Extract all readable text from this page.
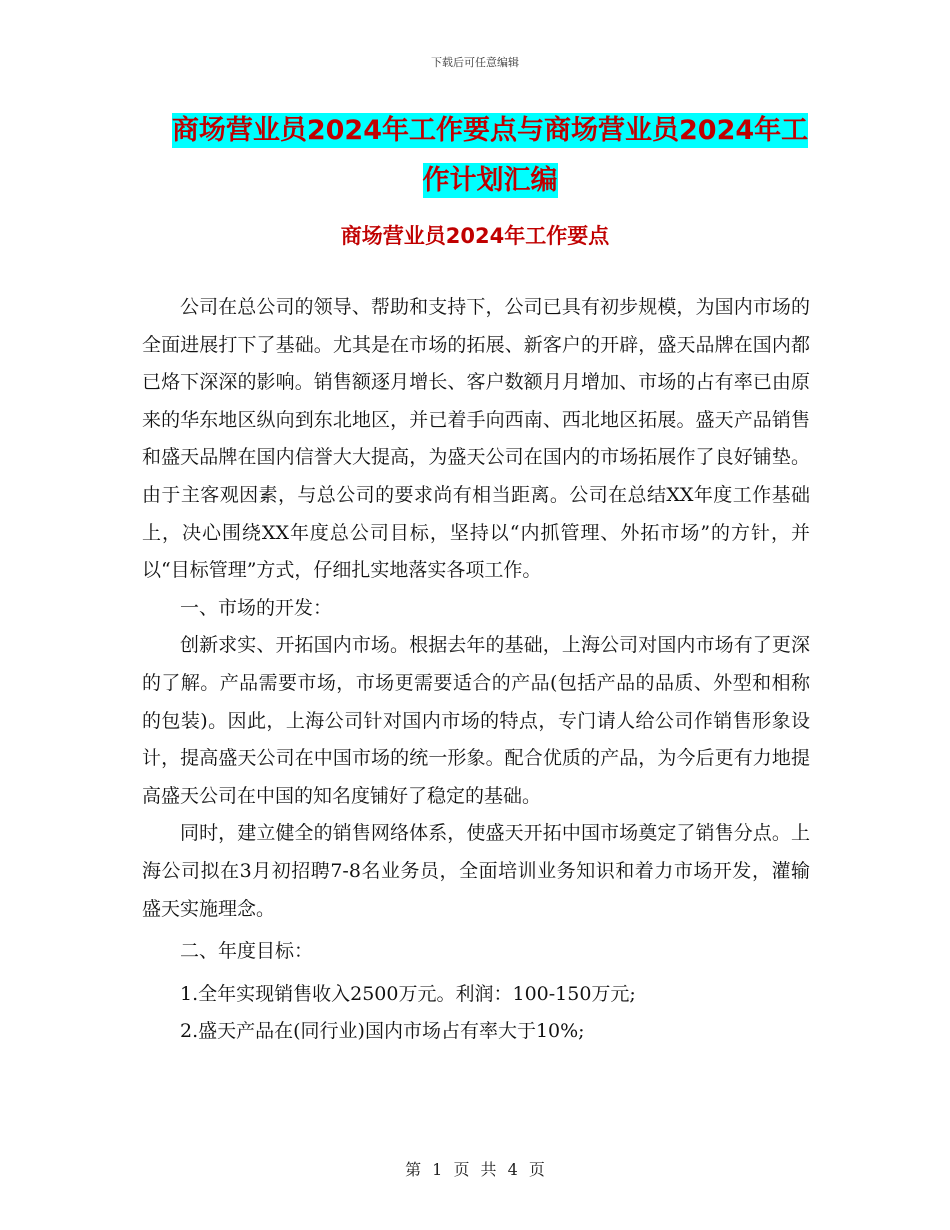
下载后可任意编辑
商场营业员2024年工作要点与商场营业员2024年工
作计划汇编
商场营业员2024年工作要点

公司在总公司的领导、帮助和支持下，公司已具有初步规模，为国内市场的全面进展打下了基础。尤其是在市场的拓展、新客户的开辟，盛天品牌在国内都已烙下深深的影响。销售额逐月增长、客户数额月月增加、市场的占有率已由原来的华东地区纵向到东北地区，并已着手向西南、西北地区拓展。盛天产品销售和盛天品牌在国内信誉大大提高，为盛天公司在国内的市场拓展作了良好铺垫。由于主客观因素，与总公司的要求尚有相当距离。公司在总结XX年度工作基础上，决心围绕XX年度总公司目标，坚持以“内抓管理、外拓市场”的方针，并以“目标管理”方式，仔细扎实地落实各项工作。

一、市场的开发：

创新求实、开拓国内市场。根据去年的基础，上海公司对国内市场有了更深的了解。产品需要市场，市场更需要适合的产品(包括产品的品质、外型和相称的包装)。因此，上海公司针对国内市场的特点，专门请人给公司作销售形象设计，提高盛天公司在中国市场的统一形象。配合优质的产品，为今后更有力地提高盛天公司在中国的知名度铺好了稳定的基础。

同时，建立健全的销售网络体系，使盛天开拓中国市场奠定了销售分点。上海公司拟在3月初招聘7-8名业务员，全面培训业务知识和着力市场开发，灌输盛天实施理念。

二、年度目标：

1.全年实现销售收入2500万元。利润：100-150万元;

2.盛天产品在(同行业)国内市场占有率大于10%;

第 1 页 共 4 页
